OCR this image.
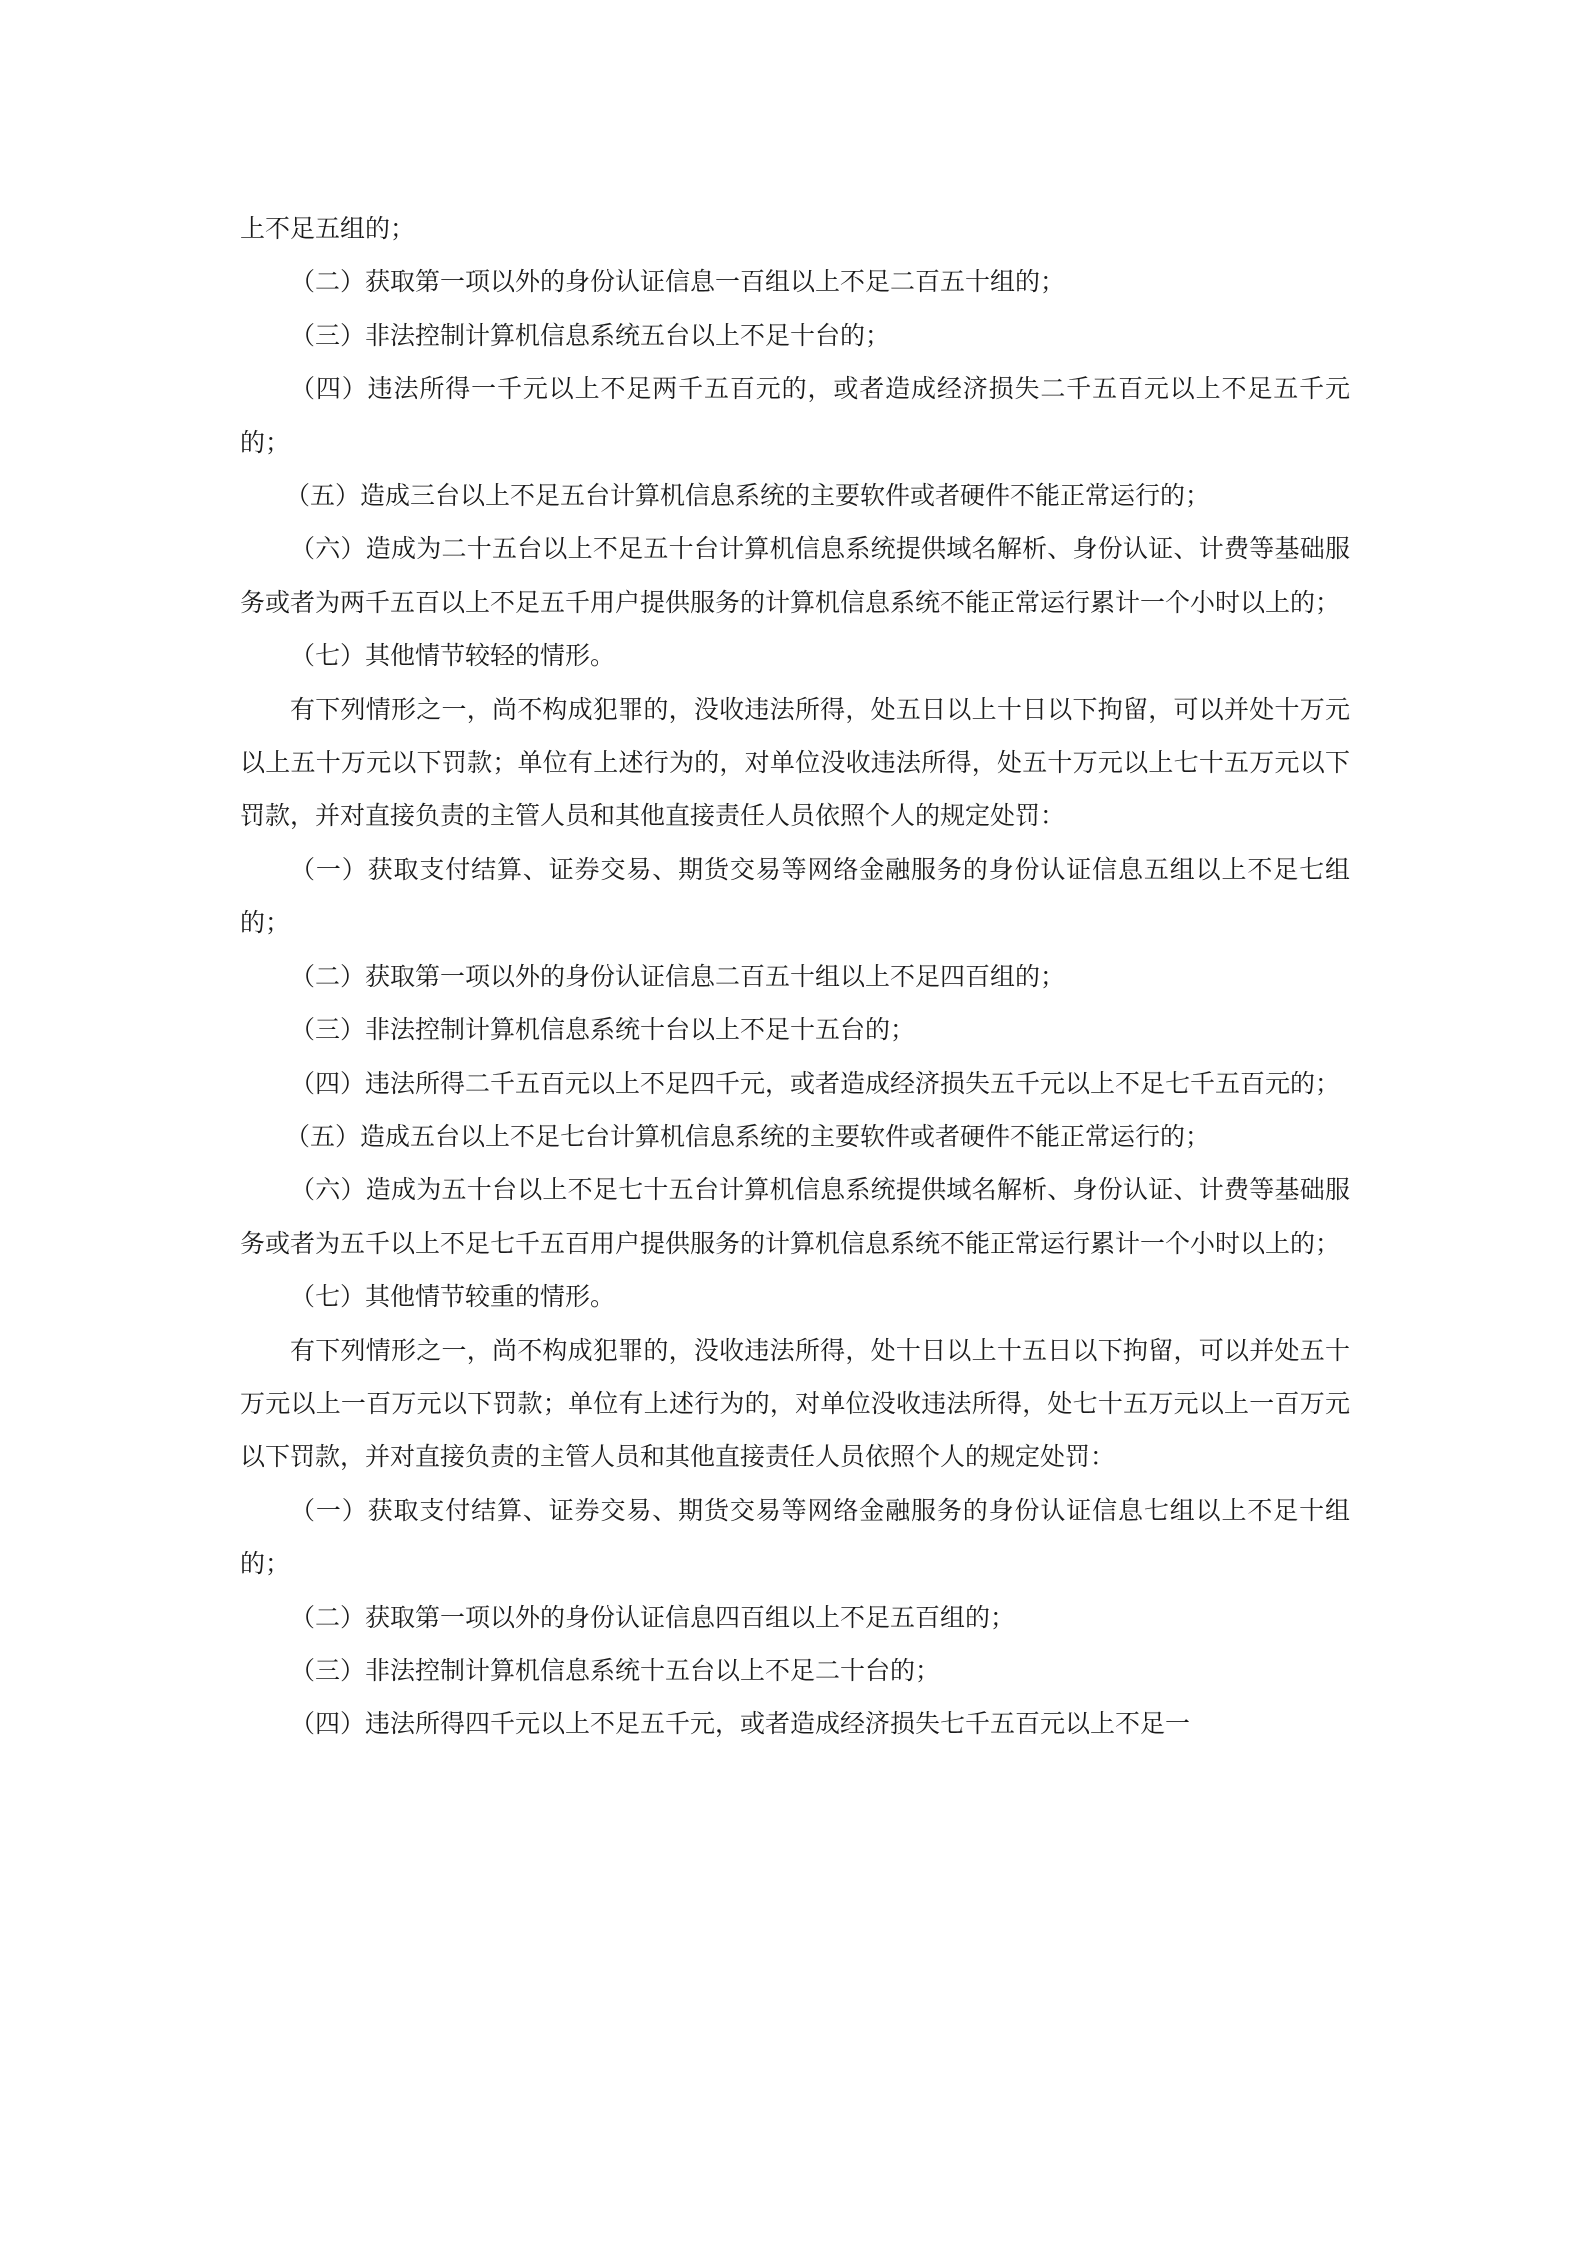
上不足五组的；

（二）获取第一项以外的身份认证信息一百组以上不足二百五十组的；

（三）非法控制计算机信息系统五台以上不足十台的；

（四）违法所得一千元以上不足两千五百元的，或者造成经济损失二千五百元以上不足五千元的；

（五）造成三台以上不足五台计算机信息系统的主要软件或者硬件不能正常运行的；

（六）造成为二十五台以上不足五十台计算机信息系统提供域名解析、身份认证、计费等基础服务或者为两千五百以上不足五千用户提供服务的计算机信息系统不能正常运行累计一个小时以上的；

（七）其他情节较轻的情形。

有下列情形之一，尚不构成犯罪的，没收违法所得，处五日以上十日以下拘留，可以并处十万元以上五十万元以下罚款；单位有上述行为的，对单位没收违法所得，处五十万元以上七十五万元以下罚款，并对直接负责的主管人员和其他直接责任人员依照个人的规定处罚：

（一）获取支付结算、证券交易、期货交易等网络金融服务的身份认证信息五组以上不足七组的；

（二）获取第一项以外的身份认证信息二百五十组以上不足四百组的；

（三）非法控制计算机信息系统十台以上不足十五台的；

（四）违法所得二千五百元以上不足四千元，或者造成经济损失五千元以上不足七千五百元的；

（五）造成五台以上不足七台计算机信息系统的主要软件或者硬件不能正常运行的；

（六）造成为五十台以上不足七十五台计算机信息系统提供域名解析、身份认证、计费等基础服务或者为五千以上不足七千五百用户提供服务的计算机信息系统不能正常运行累计一个小时以上的；

（七）其他情节较重的情形。

有下列情形之一，尚不构成犯罪的，没收违法所得，处十日以上十五日以下拘留，可以并处五十万元以上一百万元以下罚款；单位有上述行为的，对单位没收违法所得，处七十五万元以上一百万元以下罚款，并对直接负责的主管人员和其他直接责任人员依照个人的规定处罚：

（一）获取支付结算、证券交易、期货交易等网络金融服务的身份认证信息七组以上不足十组的；

（二）获取第一项以外的身份认证信息四百组以上不足五百组的；

（三）非法控制计算机信息系统十五台以上不足二十台的；

（四）违法所得四千元以上不足五千元，或者造成经济损失七千五百元以上不足一
